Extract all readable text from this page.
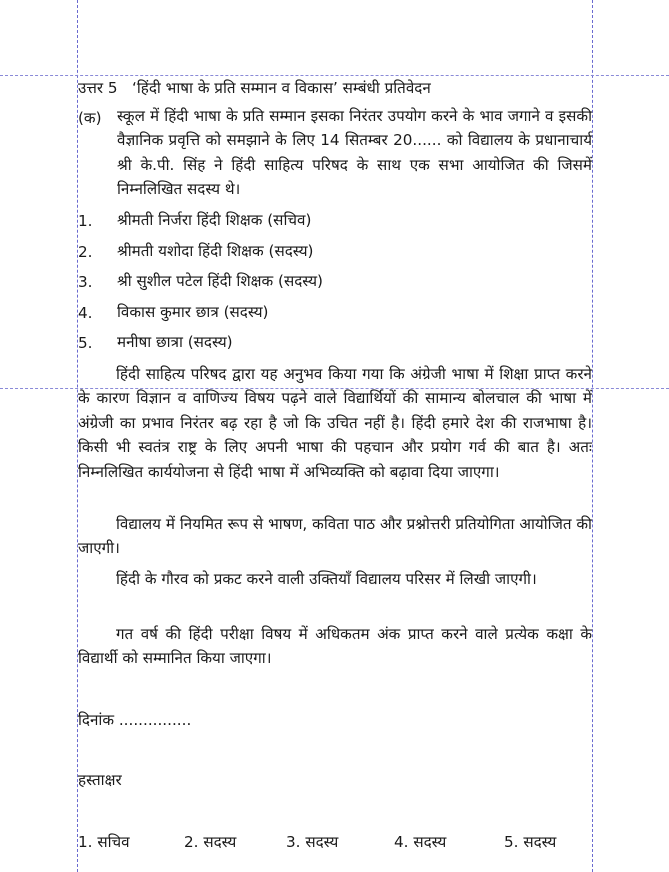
उत्तर 5 ‘हिंदी भाषा के प्रति सम्मान व विकास’ सम्बंधी प्रतिवेदन
(क) स्कूल में हिंदी भाषा के प्रति सम्मान इसका निरंतर उपयोग करने के भाव जगाने व इसकी वैज्ञानिक प्रवृत्ति को समझाने के लिए 14 सितम्बर 20...... को विद्यालय के प्रधानाचार्य श्री के.पी. सिंह ने हिंदी साहित्य परिषद के साथ एक सभा आयोजित की जिसमें निम्नलिखित सदस्य थे।
1. श्रीमती निर्जरा हिंदी शिक्षक (सचिव)
2. श्रीमती यशोदा हिंदी शिक्षक (सदस्य)
3. श्री सुशील पटेल हिंदी शिक्षक (सदस्य)
4. विकास कुमार छात्र (सदस्य)
5. मनीषा छात्रा (सदस्य)
हिंदी साहित्य परिषद द्वारा यह अनुभव किया गया कि अंग्रेजी भाषा में शिक्षा प्राप्त करने के कारण विज्ञान व वाणिज्य विषय पढ़ने वाले विद्यार्थियों की सामान्य बोलचाल की भाषा में अंग्रेजी का प्रभाव निरंतर बढ़ रहा है जो कि उचित नहीं है। हिंदी हमारे देश की राजभाषा है। किसी भी स्वतंत्र राष्ट्र के लिए अपनी भाषा की पहचान और प्रयोग गर्व की बात है। अतः निम्नलिखित कार्ययोजना से हिंदी भाषा में अभिव्यक्ति को बढ़ावा दिया जाएगा।
विद्यालय में नियमित रूप से भाषण, कविता पाठ और प्रश्नोत्तरी प्रतियोगिता आयोजित की जाएगी।
हिंदी के गौरव को प्रकट करने वाली उक्तियाँ विद्यालय परिसर में लिखी जाएगी।
गत वर्ष की हिंदी परीक्षा विषय में अधिकतम अंक प्राप्त करने वाले प्रत्येक कक्षा के विद्यार्थी को सम्मानित किया जाएगा।
दिनांक ...............
हस्ताक्षर
1. सचिव	2. सदस्य	3. सदस्य	4. सदस्य	5. सदस्य
